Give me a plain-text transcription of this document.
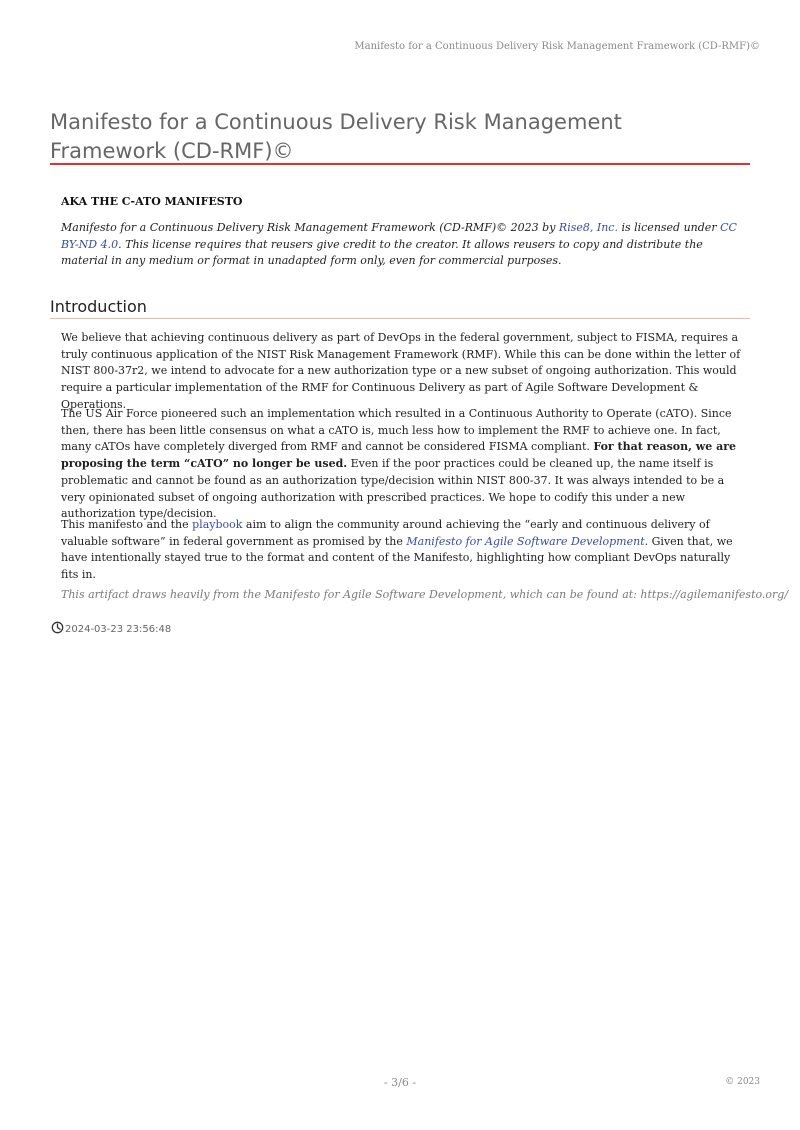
Manifesto for a Continuous Delivery Risk Management Framework (CD-RMF)©
Manifesto for a Continuous Delivery Risk Management Framework (CD-RMF)©
AKA THE C-ATO MANIFESTO

Manifesto for a Continuous Delivery Risk Management Framework (CD-RMF)© 2023 by Rise8, Inc. is licensed under CC BY-ND 4.0. This license requires that reusers give credit to the creator. It allows reusers to copy and distribute the material in any medium or format in unadapted form only, even for commercial purposes.

Introduction

We believe that achieving continuous delivery as part of DevOps in the federal government, subject to FISMA, requires a truly continuous application of the NIST Risk Management Framework (RMF). While this can be done within the letter of NIST 800-37r2, we intend to advocate for a new authorization type or a new subset of ongoing authorization. This would require a particular implementation of the RMF for Continuous Delivery as part of Agile Software Development & Operations.

The US Air Force pioneered such an implementation which resulted in a Continuous Authority to Operate (cATO). Since then, there has been little consensus on what a cATO is, much less how to implement the RMF to achieve one. In fact, many cATOs have completely diverged from RMF and cannot be considered FISMA compliant. For that reason, we are proposing the term “cATO” no longer be used. Even if the poor practices could be cleaned up, the name itself is problematic and cannot be found as an authorization type/decision within NIST 800-37. It was always intended to be a very opinionated subset of ongoing authorization with prescribed practices. We hope to codify this under a new authorization type/decision.

This manifesto and the playbook aim to align the community around achieving the “early and continuous delivery of valuable software” in federal government as promised by the Manifesto for Agile Software Development. Given that, we have intentionally stayed true to the format and content of the Manifesto, highlighting how compliant DevOps naturally fits in.

This artifact draws heavily from the Manifesto for Agile Software Development, which can be found at: https://agilemanifesto.org/

2024-03-23 23:56:48
- 3/6 -	© 2023
